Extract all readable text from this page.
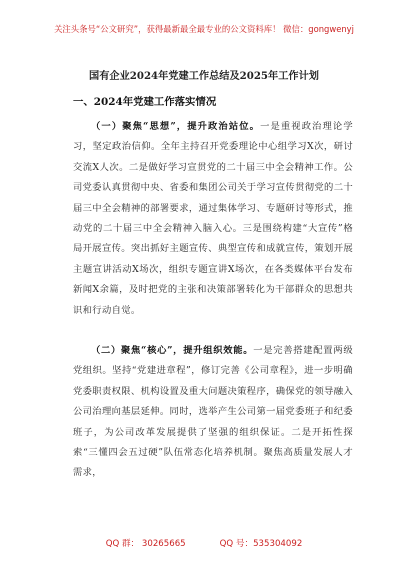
关注头条号“公文研究”，获得最新最全最专业的公文资料库！ 微信：gongwenyj
国有企业2024年党建工作总结及2025年工作计划
一、2024年党建工作落实情况
（一）聚焦“思想”，提升政治站位。一是重视政治理论学习，坚定政治信仰。全年主持召开党委理论中心组学习X次，研讨交流X人次。二是做好学习宣贯党的二十届三中全会精神工作。公司党委认真贯彻中央、省委和集团公司关于学习宣传贯彻党的二十届三中全会精神的部署要求，通过集体学习、专题研讨等形式，推动党的二十届三中全会精神入脑入心。三是围绕构建“大宣传”格局开展宣传。突出抓好主题宣传、典型宣传和成就宣传，策划开展主题宣讲活动X场次，组织专题宣讲X场次，在各类媒体平台发布新闻X余篇，及时把党的主张和决策部署转化为干部群众的思想共识和行动自觉。
（二）聚焦“核心”，提升组织效能。一是完善搭建配置两级党组织。坚持“党建进章程”，修订完善《公司章程》，进一步明确党委职责权限、机构设置及重大问题决策程序，确保党的领导融入公司治理向基层延伸。同时，选举产生公司第一届党委班子和纪委班子，为公司改革发展提供了坚强的组织保证。二是开拓性探索“三懂四会五过硬”队伍常态化培养机制。聚焦高质量发展人才需求，
QQ 群： 30265665	QQ 号：535304092
